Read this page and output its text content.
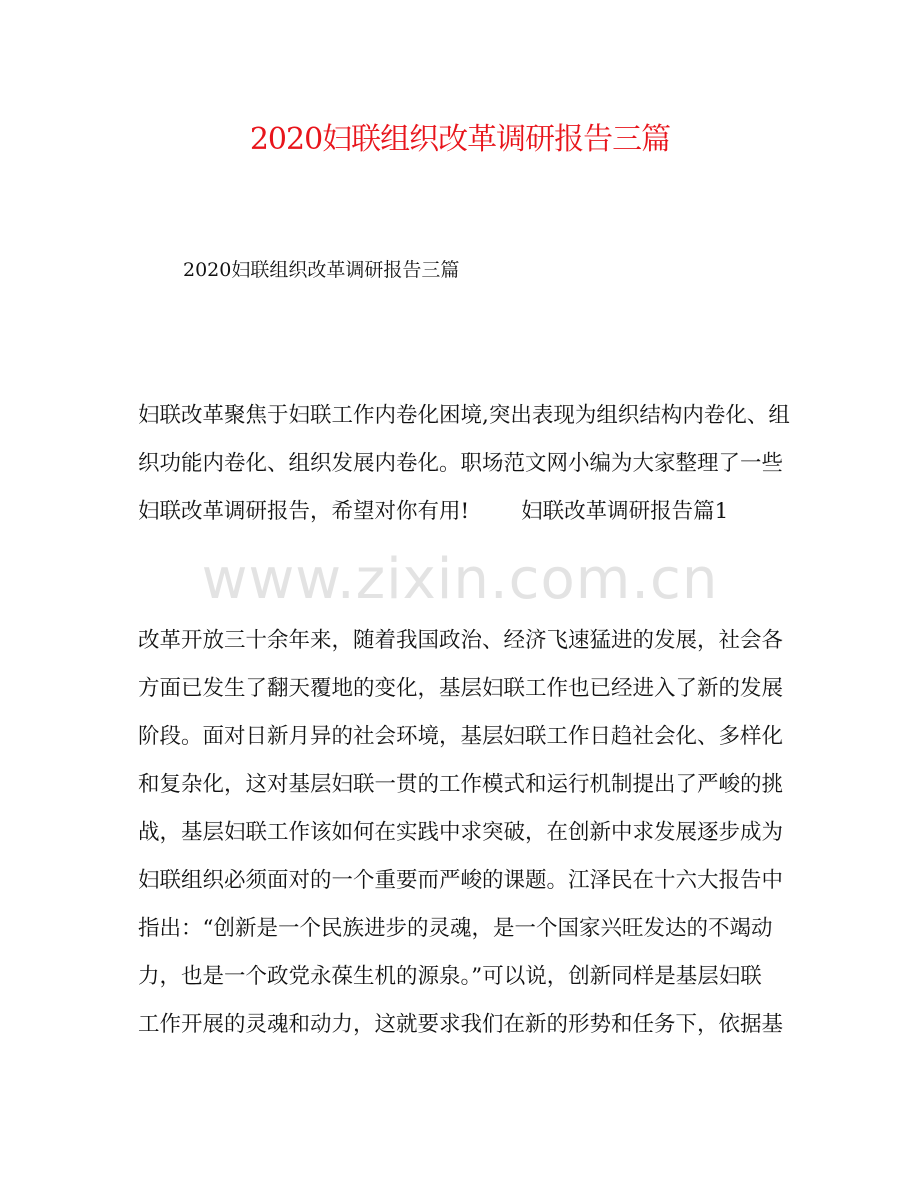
2020妇联组织改革调研报告三篇
2020妇联组织改革调研报告三篇
妇联改革聚焦于妇联工作内卷化困境,突出表现为组织结构内卷化、组
织功能内卷化、组织发展内卷化。职场范文网小编为大家整理了一些
妇联改革调研报告，希望对你有用! 妇联改革调研报告篇1
www.zixin.com.cn
改革开放三十余年来，随着我国政治、经济飞速猛进的发展，社会各
方面已发生了翻天覆地的变化，基层妇联工作也已经进入了新的发展
阶段。面对日新月异的社会环境，基层妇联工作日趋社会化、多样化
和复杂化，这对基层妇联一贯的工作模式和运行机制提出了严峻的挑
战，基层妇联工作该如何在实践中求突破，在创新中求发展逐步成为
妇联组织必须面对的一个重要而严峻的课题。江泽民在十六大报告中
指出：“创新是一个民族进步的灵魂，是一个国家兴旺发达的不竭动
力，也是一个政党永葆生机的源泉。”可以说，创新同样是基层妇联
工作开展的灵魂和动力，这就要求我们在新的形势和任务下，依据基
